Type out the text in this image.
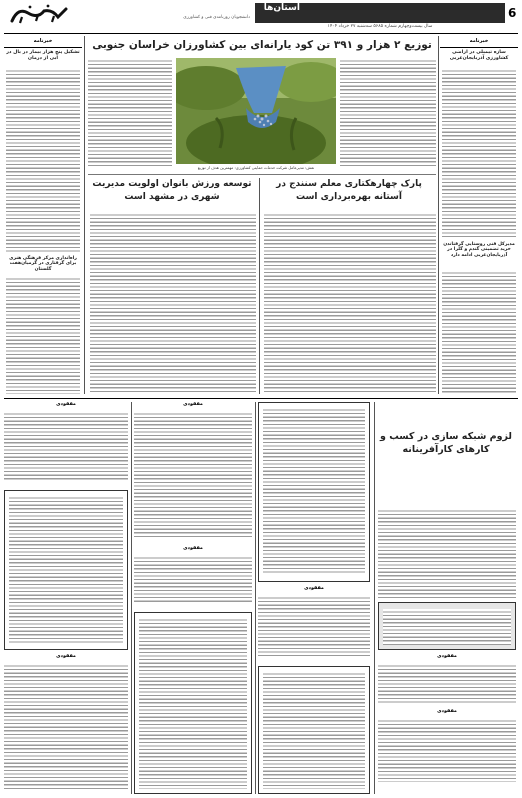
دانشجویان روزنامه‌ی فنی و کشاورزی
استان‌ها	6
سال بیست‌وچهارم شماره ۵۶۸۵ سه‌شنبه ۲۷ خرداد ۱۴۰۴
خبرنامه
سازه تیمبلی در اراضی کشاورزی آذربایجان‌غربی
مدیرکل فنی روستایی گرفتاندن خرید تضمینی گندم و گلزا در آذربایجان‌غربی ادامه دارد
خبرنامه
تشکیل پنج هزار بیمار در بال در آبی از درمان
راه‌اندازی مرکز فرهنگی هنری برای گرفتاری در گرمیان‌هفت گلستان
توزیع ۲ هزار و ۳۹۱ تن کود یارانه‌ای بین کشاورزان خراسان جنوبی
نقش: مدیرعامل شرکت خدمات حمایتی کشاورزی: مهمترین هدف از توزیع
پارک چهارهکتاری معلم سنندج در آستانه بهره‌برداری است
توسعه ورزش بانوان اولویت مدیریت شهری در مشهد است
لزوم شبکه سازی در کسب و کارهای کارآفرینانه
مفقودی
مفقودی
مفقودی
مفقودی
مفقودی
مفقودی
مفقودی
